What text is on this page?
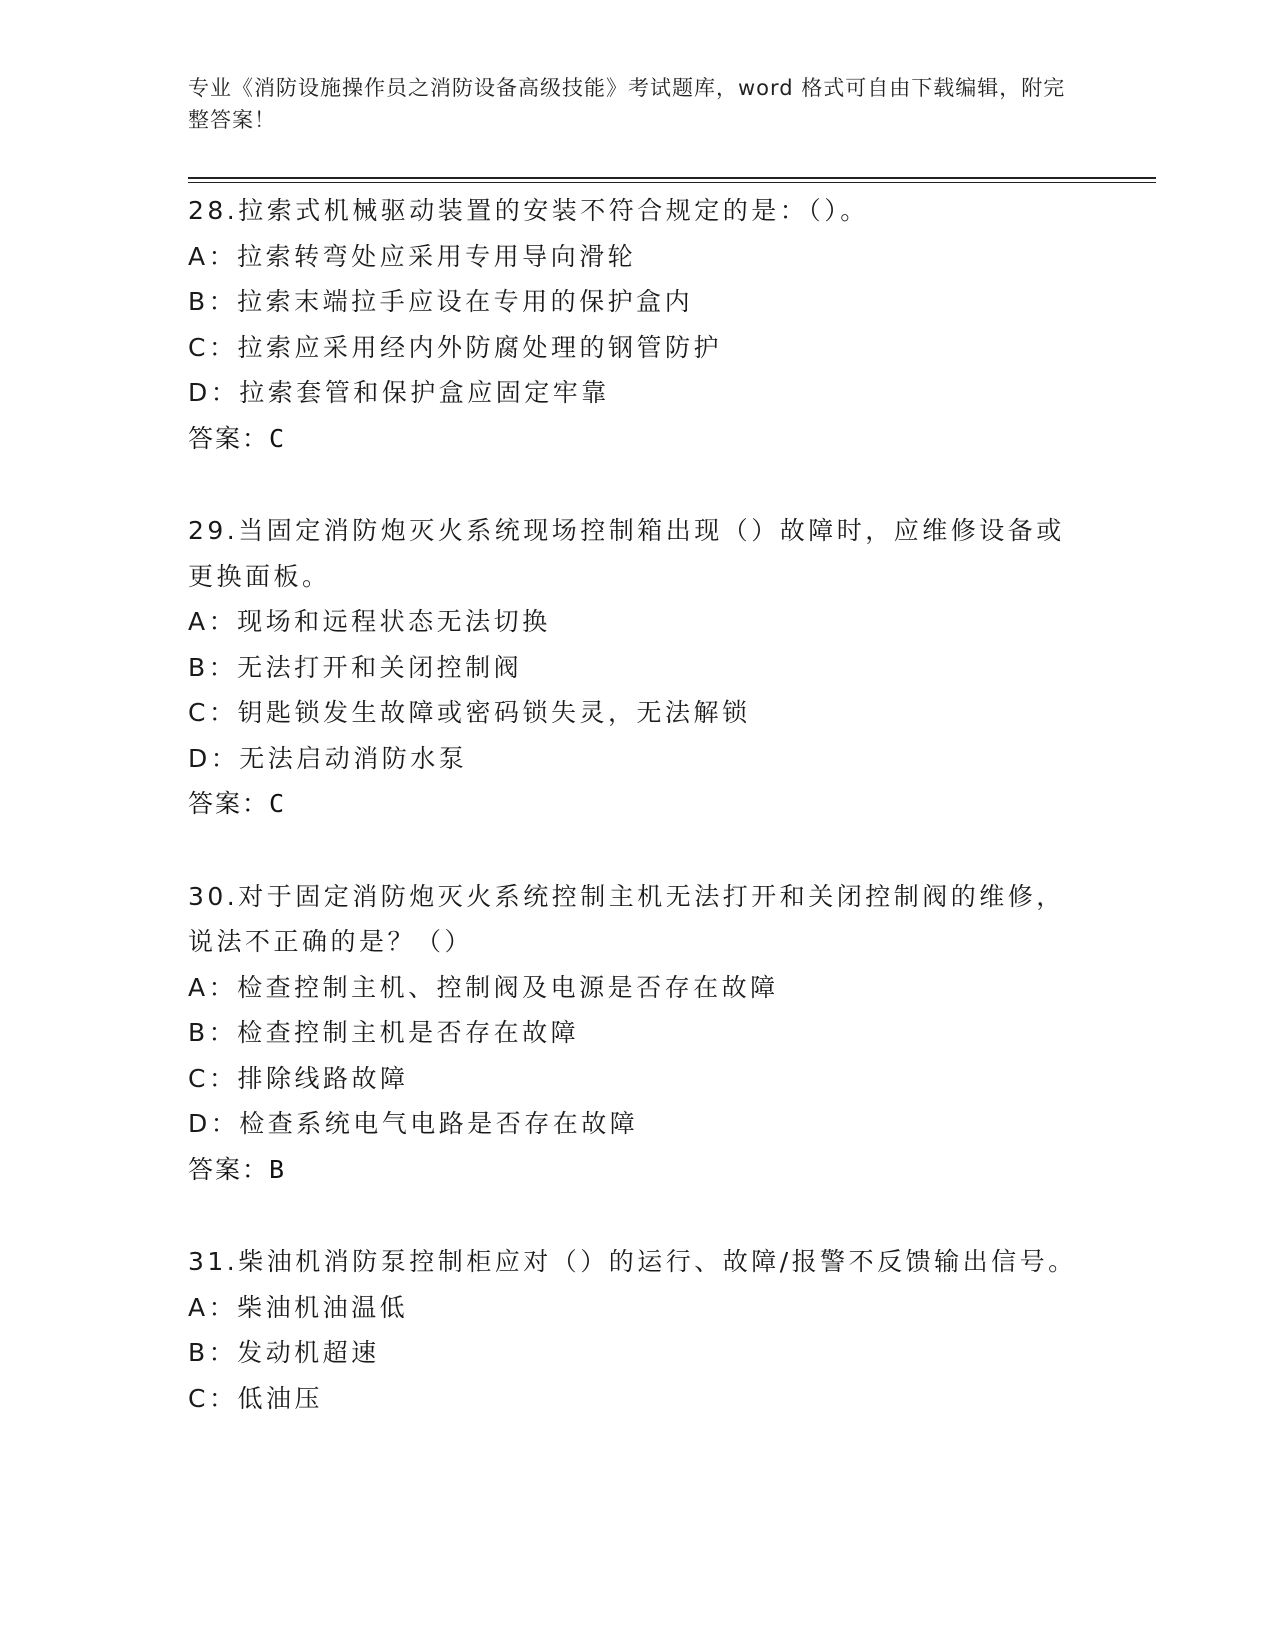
专业《消防设施操作员之消防设备高级技能》考试题库，word 格式可自由下载编辑，附完整答案！
28.拉索式机械驱动装置的安装不符合规定的是：（）。
A：拉索转弯处应采用专用导向滑轮
B：拉索末端拉手应设在专用的保护盒内
C：拉索应采用经内外防腐处理的钢管防护
D：拉索套管和保护盒应固定牢靠
答案：C
29.当固定消防炮灭火系统现场控制箱出现（）故障时，应维修设备或更换面板。
A：现场和远程状态无法切换
B：无法打开和关闭控制阀
C：钥匙锁发生故障或密码锁失灵，无法解锁
D：无法启动消防水泵
答案：C
30.对于固定消防炮灭火系统控制主机无法打开和关闭控制阀的维修，说法不正确的是？（）
A：检查控制主机、控制阀及电源是否存在故障
B：检查控制主机是否存在故障
C：排除线路故障
D：检查系统电气电路是否存在故障
答案：B
31.柴油机消防泵控制柜应对（）的运行、故障/报警不反馈输出信号。
A：柴油机油温低
B：发动机超速
C：低油压
